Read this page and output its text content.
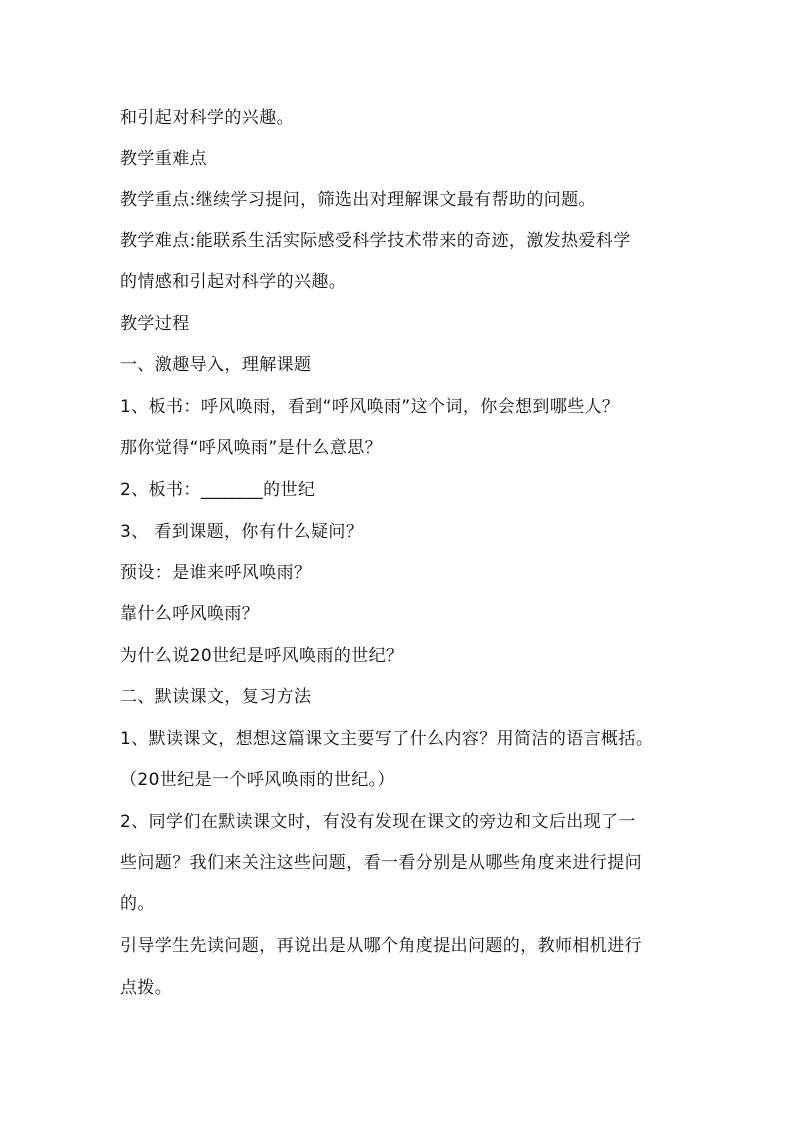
和引起对科学的兴趣。
教学重难点
教学重点:继续学习提问，筛选出对理解课文最有帮助的问题。
教学难点:能联系生活实际感受科学技术带来的奇迹，激发热爱科学
的情感和引起对科学的兴趣。
教学过程
一、激趣导入，理解课题
1、板书：呼风唤雨，看到“呼风唤雨”这个词，你会想到哪些人？
那你觉得“呼风唤雨”是什么意思？
2、板书：_______的世纪
3、 看到课题，你有什么疑问？
预设：是谁来呼风唤雨？
靠什么呼风唤雨？
为什么说20世纪是呼风唤雨的世纪？
二、默读课文，复习方法
1、默读课文，想想这篇课文主要写了什么内容？用简洁的语言概括。
（20世纪是一个呼风唤雨的世纪。）
2、同学们在默读课文时，有没有发现在课文的旁边和文后出现了一
些问题？我们来关注这些问题，看一看分别是从哪些角度来进行提问
的。
引导学生先读问题，再说出是从哪个角度提出问题的，教师相机进行
点拨。
